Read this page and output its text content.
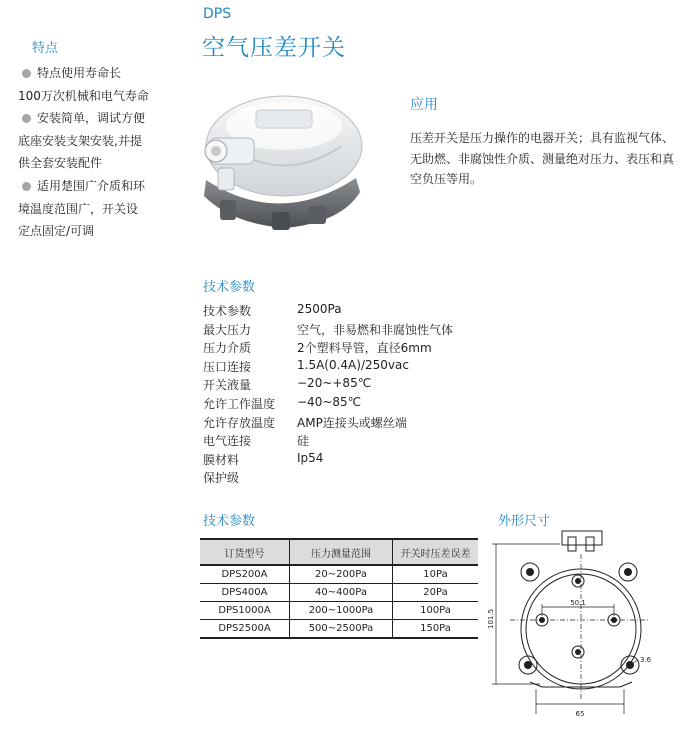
特点
特点使用寿命长
100万次机械和电气寿命
安装简单，调试方便
底座安装支架安装,并提
供全套安装配件
适用楚围广介质和环
境温度范围广，开关设
定点固定/可调
DPS
空气压差开关
应用
压差开关是压力操作的电器开关；具有监视气体、
无助燃、非腐蚀性介质、测量绝对压力、表压和真
空负压等用。
技术参数
技术参数	2500Pa
最大压力	空气，非易燃和非腐蚀性气体
压力介质	2个塑料导管，直径6mm
压口连接	1.5A(0.4A)/250vac
开关液量	−20~+85℃
允许工作温度 −40~85℃
允许存放温度 AMP连接头或螺丝端
电气连接	硅
膜材料	Ip54
保护级
技术参数
订货型号	压力测量范围	开关时压差误差
DPS200A	20~200Pa	10Pa
DPS400A	40~400Pa	20Pa
DPS1000A	200~1000Pa	100Pa
DPS2500A	500~2500Pa	150Pa
外形尺寸
101.5
50.1
3.6
65
